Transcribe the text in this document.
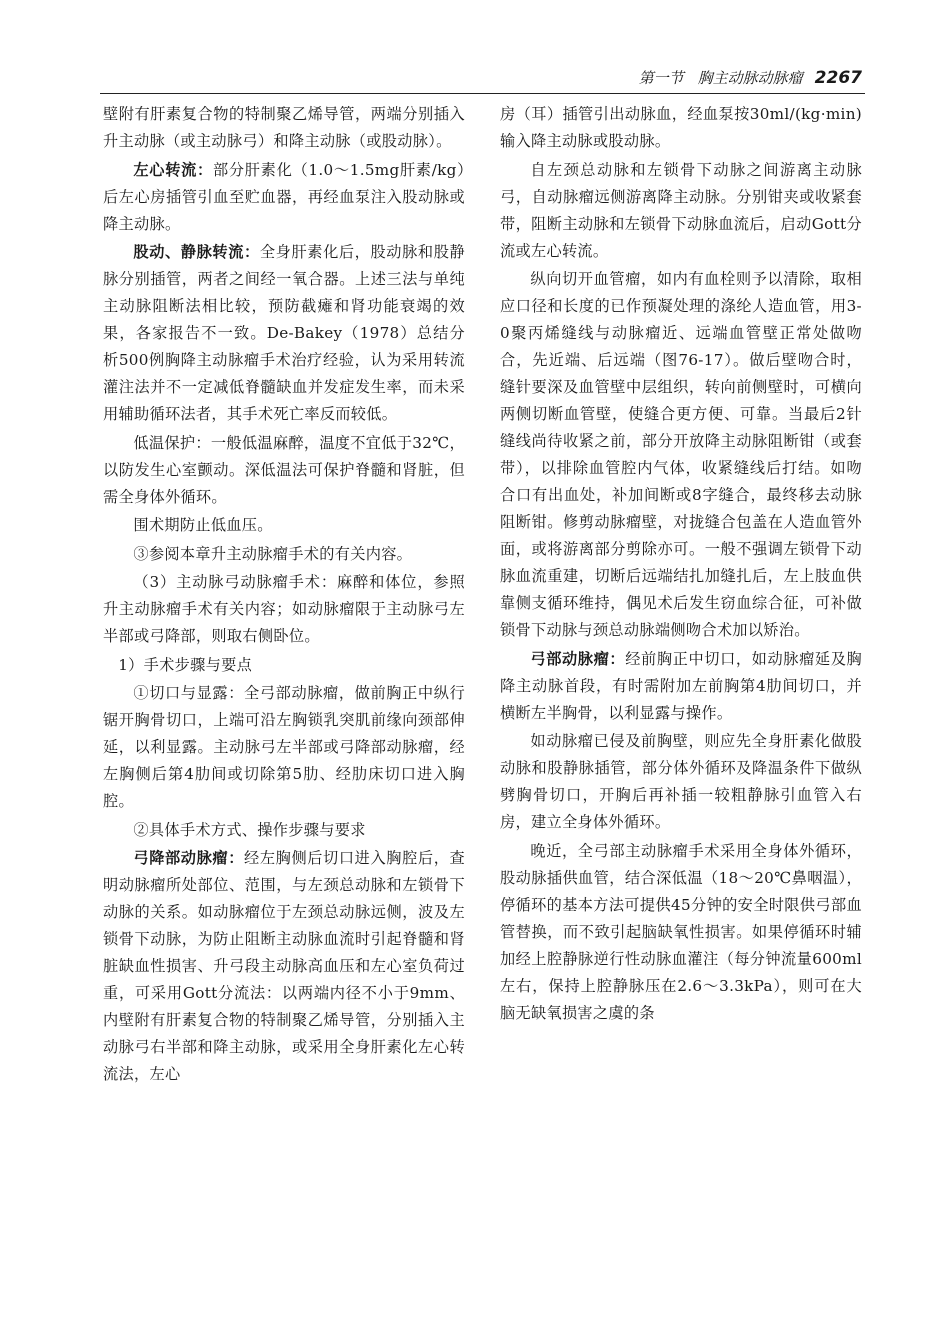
第一节 胸主动脉动脉瘤 2267

壁附有肝素复合物的特制聚乙烯导管，两端分别插入升主动脉（或主动脉弓）和降主动脉（或股动脉）。

左心转流：部分肝素化（1.0～1.5mg肝素/kg）后左心房插管引血至贮血器，再经血泵注入股动脉或降主动脉。

股动、静脉转流：全身肝素化后，股动脉和股静脉分别插管，两者之间经一氧合器。上述三法与单纯主动脉阻断法相比较，预防截瘫和肾功能衰竭的效果，各家报告不一致。De-Bakey（1978）总结分析500例胸降主动脉瘤手术治疗经验，认为采用转流灌注法并不一定减低脊髓缺血并发症发生率，而未采用辅助循环法者，其手术死亡率反而较低。

低温保护：一般低温麻醉，温度不宜低于32℃，以防发生心室颤动。深低温法可保护脊髓和肾脏，但需全身体外循环。

围术期防止低血压。

③参阅本章升主动脉瘤手术的有关内容。

（3）主动脉弓动脉瘤手术：麻醉和体位，参照升主动脉瘤手术有关内容；如动脉瘤限于主动脉弓左半部或弓降部，则取右侧卧位。

1）手术步骤与要点

①切口与显露：全弓部动脉瘤，做前胸正中纵行锯开胸骨切口，上端可沿左胸锁乳突肌前缘向颈部伸延，以利显露。主动脉弓左半部或弓降部动脉瘤，经左胸侧后第4肋间或切除第5肋、经肋床切口进入胸腔。

②具体手术方式、操作步骤与要求

弓降部动脉瘤：经左胸侧后切口进入胸腔后，查明动脉瘤所处部位、范围，与左颈总动脉和左锁骨下动脉的关系。如动脉瘤位于左颈总动脉远侧，波及左锁骨下动脉，为防止阻断主动脉血流时引起脊髓和肾脏缺血性损害、升弓段主动脉高血压和左心室负荷过重，可采用Gott分流法：以两端内径不小于9mm、内壁附有肝素复合物的特制聚乙烯导管，分别插入主动脉弓右半部和降主动脉，或采用全身肝素化左心转流法，左心

房（耳）插管引出动脉血，经血泵按30ml/(kg·min)输入降主动脉或股动脉。

自左颈总动脉和左锁骨下动脉之间游离主动脉弓，自动脉瘤远侧游离降主动脉。分别钳夹或收紧套带，阻断主动脉和左锁骨下动脉血流后，启动Gott分流或左心转流。

纵向切开血管瘤，如内有血栓则予以清除，取相应口径和长度的已作预凝处理的涤纶人造血管，用3-0聚丙烯缝线与动脉瘤近、远端血管壁正常处做吻合，先近端、后远端（图76-17）。做后壁吻合时，缝针要深及血管壁中层组织，转向前侧壁时，可横向两侧切断血管壁，使缝合更方便、可靠。当最后2针缝线尚待收紧之前，部分开放降主动脉阻断钳（或套带），以排除血管腔内气体，收紧缝线后打结。如吻合口有出血处，补加间断或8字缝合，最终移去动脉阻断钳。修剪动脉瘤壁，对拢缝合包盖在人造血管外面，或将游离部分剪除亦可。一般不强调左锁骨下动脉血流重建，切断后远端结扎加缝扎后，左上肢血供靠侧支循环维持，偶见术后发生窃血综合征，可补做锁骨下动脉与颈总动脉端侧吻合术加以矫治。

弓部动脉瘤：经前胸正中切口，如动脉瘤延及胸降主动脉首段，有时需附加左前胸第4肋间切口，并横断左半胸骨，以利显露与操作。

如动脉瘤已侵及前胸壁，则应先全身肝素化做股动脉和股静脉插管，部分体外循环及降温条件下做纵劈胸骨切口，开胸后再补插一较粗静脉引血管入右房，建立全身体外循环。

晚近，全弓部主动脉瘤手术采用全身体外循环，股动脉插供血管，结合深低温（18～20℃鼻咽温），停循环的基本方法可提供45分钟的安全时限供弓部血管替换，而不致引起脑缺氧性损害。如果停循环时辅加经上腔静脉逆行性动脉血灌注（每分钟流量600ml左右，保持上腔静脉压在2.6～3.3kPa），则可在大脑无缺氧损害之虞的条
